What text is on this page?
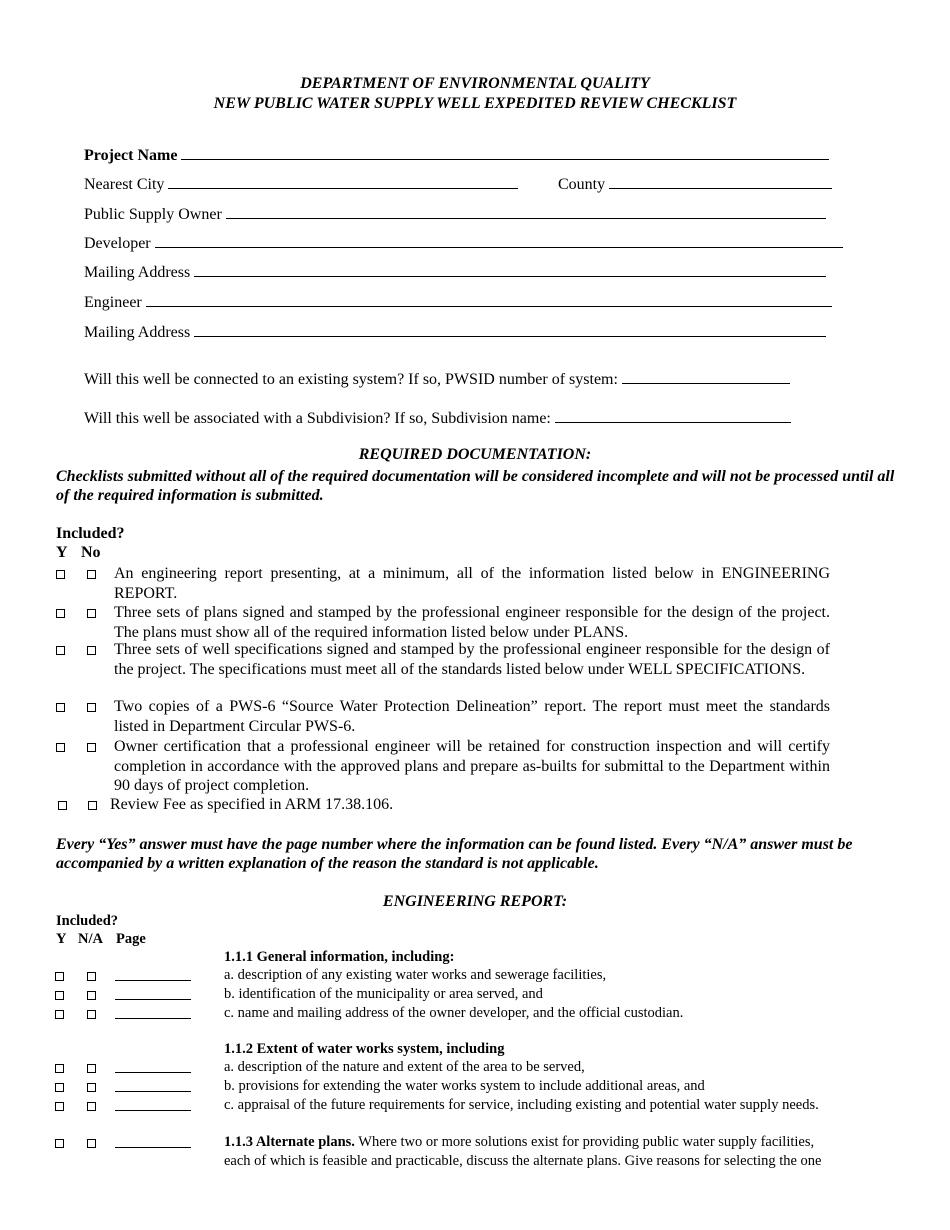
DEPARTMENT OF ENVIRONMENTAL QUALITY
NEW PUBLIC WATER SUPPLY WELL EXPEDITED REVIEW CHECKLIST
Project Name
Nearest City	County
Public Supply Owner
Developer
Mailing Address
Engineer
Mailing Address
Will this well be connected to an existing system? If so, PWSID number of system:
Will this well be associated with a Subdivision? If so, Subdivision name:
REQUIRED DOCUMENTATION:
Checklists submitted without all of the required documentation will be considered incomplete and will not be processed until all of the required information is submitted.
Included?
Y No
An engineering report presenting, at a minimum, all of the information listed below in ENGINEERING REPORT.
Three sets of plans signed and stamped by the professional engineer responsible for the design of the project. The plans must show all of the required information listed below under PLANS.
Three sets of well specifications signed and stamped by the professional engineer responsible for the design of the project. The specifications must meet all of the standards listed below under WELL SPECIFICATIONS.
Two copies of a PWS-6 “Source Water Protection Delineation” report. The report must meet the standards listed in Department Circular PWS-6.
Owner certification that a professional engineer will be retained for construction inspection and will certify completion in accordance with the approved plans and prepare as-builts for submittal to the Department within 90 days of project completion.
Review Fee as specified in ARM 17.38.106.
Every “Yes” answer must have the page number where the information can be found listed. Every “N/A” answer must be accompanied by a written explanation of the reason the standard is not applicable.
ENGINEERING REPORT:
Included?
Y N/A Page
1.1.1 General information, including:
a. description of any existing water works and sewerage facilities,
b. identification of the municipality or area served, and
c. name and mailing address of the owner developer, and the official custodian.
1.1.2 Extent of water works system, including
a. description of the nature and extent of the area to be served,
b. provisions for extending the water works system to include additional areas, and
c. appraisal of the future requirements for service, including existing and potential water supply needs.
1.1.3 Alternate plans. Where two or more solutions exist for providing public water supply facilities,
each of which is feasible and practicable, discuss the alternate plans. Give reasons for selecting the one
